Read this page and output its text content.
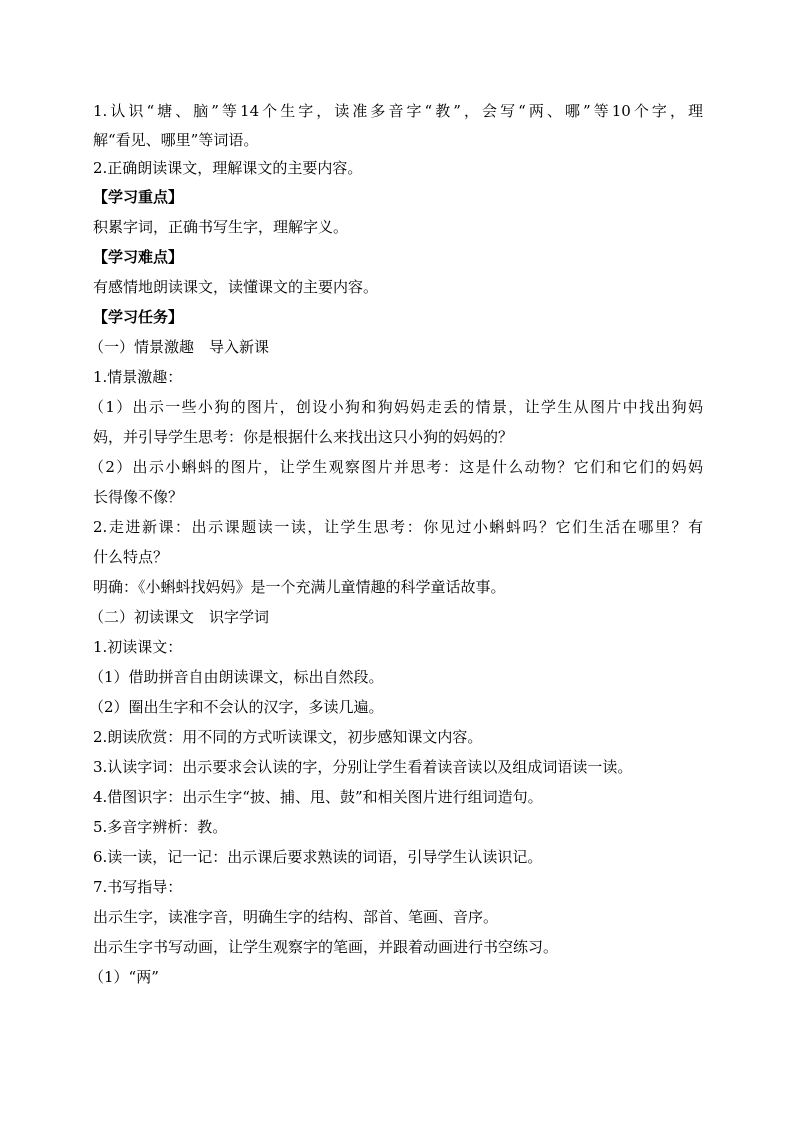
1.认识“塘、脑”等14个生字，读准多音字“教”，会写“两、哪”等10个字，理
解“看见、哪里”等词语。
2.正确朗读课文，理解课文的主要内容。
【学习重点】
积累字词，正确书写生字，理解字义。
【学习难点】
有感情地朗读课文，读懂课文的主要内容。
【学习任务】
（一）情景激趣　导入新课
1.情景激趣：
（1）出示一些小狗的图片，创设小狗和狗妈妈走丢的情景，让学生从图片中找出狗妈
妈，并引导学生思考：你是根据什么来找出这只小狗的妈妈的？
（2）出示小蝌蚪的图片，让学生观察图片并思考：这是什么动物？它们和它们的妈妈
长得像不像？
2.走进新课：出示课题读一读，让学生思考：你见过小蝌蚪吗？它们生活在哪里？有
什么特点？
明确：《小蝌蚪找妈妈》是一个充满儿童情趣的科学童话故事。
（二）初读课文　识字学词
1.初读课文：
（1）借助拼音自由朗读课文，标出自然段。
（2）圈出生字和不会认的汉字，多读几遍。
2.朗读欣赏：用不同的方式听读课文，初步感知课文内容。
3.认读字词：出示要求会认读的字，分别让学生看着读音读以及组成词语读一读。
4.借图识字：出示生字“披、捕、甩、鼓”和相关图片进行组词造句。
5.多音字辨析：教。
6.读一读，记一记：出示课后要求熟读的词语，引导学生认读识记。
7.书写指导：
出示生字，读准字音，明确生字的结构、部首、笔画、音序。
出示生字书写动画，让学生观察字的笔画，并跟着动画进行书空练习。
（1）“两”
